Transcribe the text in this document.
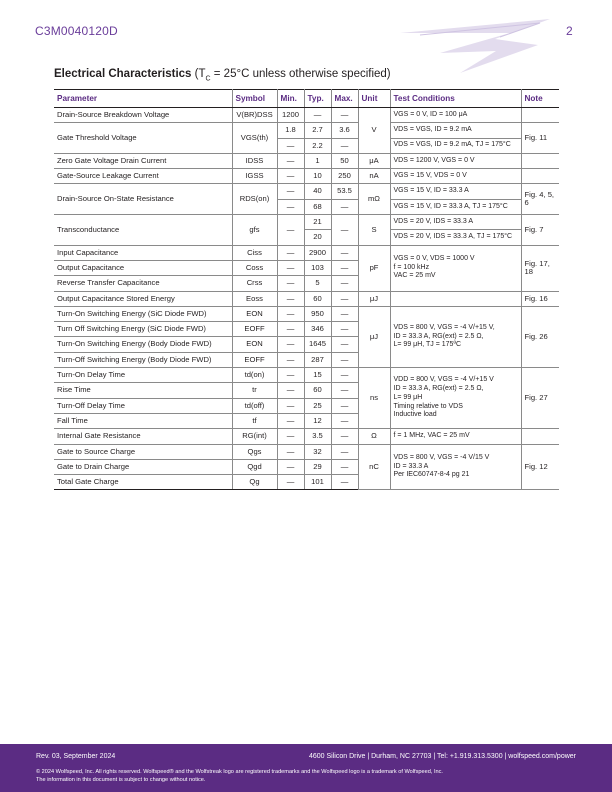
C3M0040120D	2
Electrical Characteristics ($T_C = 25^\circ C$ unless otherwise specified)
Parameter	Symbol	Min.	Typ.	Max.	Unit	Test Conditions	Note
Drain-Source Breakdown Voltage	V(BR)DSS	1200	—	—	V	VGS = 0 V, ID = 100 μA	
Gate Threshold Voltage	VGS(th)	1.8	2.7	3.6		VDS = VGS, ID = 9.2 mA	Fig. 11
		—	2.2	—		VDS = VGS, ID = 9.2 mA, TJ = 175°C	
Zero Gate Voltage Drain Current	IDSS	—	1	50	μA	VDS = 1200 V, VGS = 0 V	
Gate-Source Leakage Current	IGSS	—	10	250	nA	VGS = 15 V, VDS = 0 V	
Drain-Source On-State Resistance	RDS(on)	—	40	53.5	mΩ	VGS = 15 V, ID = 33.3 A	Fig. 4, 5, 6
		—	68	—		VGS = 15 V, ID = 33.3 A, TJ = 175°C	
Transconductance	gfs	—	21	—	S	VDS = 20 V, IDS = 33.3 A	Fig. 7
			20			VDS = 20 V, IDS = 33.3 A, TJ = 175°C	
Input Capacitance	Ciss	—	2900	—	pF	VGS = 0 V, VDS = 1000 V
f = 100 kHz
VAC = 25 mV	Fig. 17, 18
Output Capacitance	Coss	—	103	—			
Reverse Transfer Capacitance	Crss	—	5	—			
Output Capacitance Stored Energy	Eoss	—	60	—	μJ		Fig. 16
Turn-On Switching Energy (SiC Diode FWD)	EON	—	950	—	μJ	VDS = 800 V, VGS = -4 V/+15 V,
ID = 33.3 A, RG(ext) = 2.5 Ω,
L= 99 μH, TJ = 175ºC	Fig. 26
Turn Off Switching Energy (SiC Diode FWD)	EOFF	—	346	—			
Turn-On Switching Energy (Body Diode FWD)	EON	—	1645	—			
Turn-Off Switching Energy (Body Diode FWD)	EOFF	—	287	—			
Turn-On Delay Time	td(on)	—	15	—	ns	VDD = 800 V, VGS = -4 V/+15 V
ID = 33.3 A, RG(ext) = 2.5 Ω,
L= 99 μH
Timing relative to VDS
Inductive load	Fig. 27
Rise Time	tr	—	60	—			
Turn-Off Delay Time	td(off)	—	25	—			
Fall Time	tf	—	12	—			
Internal Gate Resistance	RG(int)	—	3.5	—	Ω	f = 1 MHz, VAC = 25 mV	
Gate to Source Charge	Qgs	—	32	—	nC	VDS = 800 V, VGS = -4 V/15 V
ID = 33.3 A
Per IEC60747-8-4 pg 21	Fig. 12
Gate to Drain Charge	Qgd	—	29	—			
Total Gate Charge	Qg	—	101	—			
Rev. 03, September 2024	4600 Silicon Drive | Durham, NC 27703 | Tel: +1.919.313.5300 | wolfspeed.com/power
© 2024 Wolfspeed, Inc. All rights reserved. Wolfspeed® and the Wolfstreak logo are registered trademarks and the Wolfspeed logo is a trademark of Wolfspeed, Inc.
The information in this document is subject to change without notice.
